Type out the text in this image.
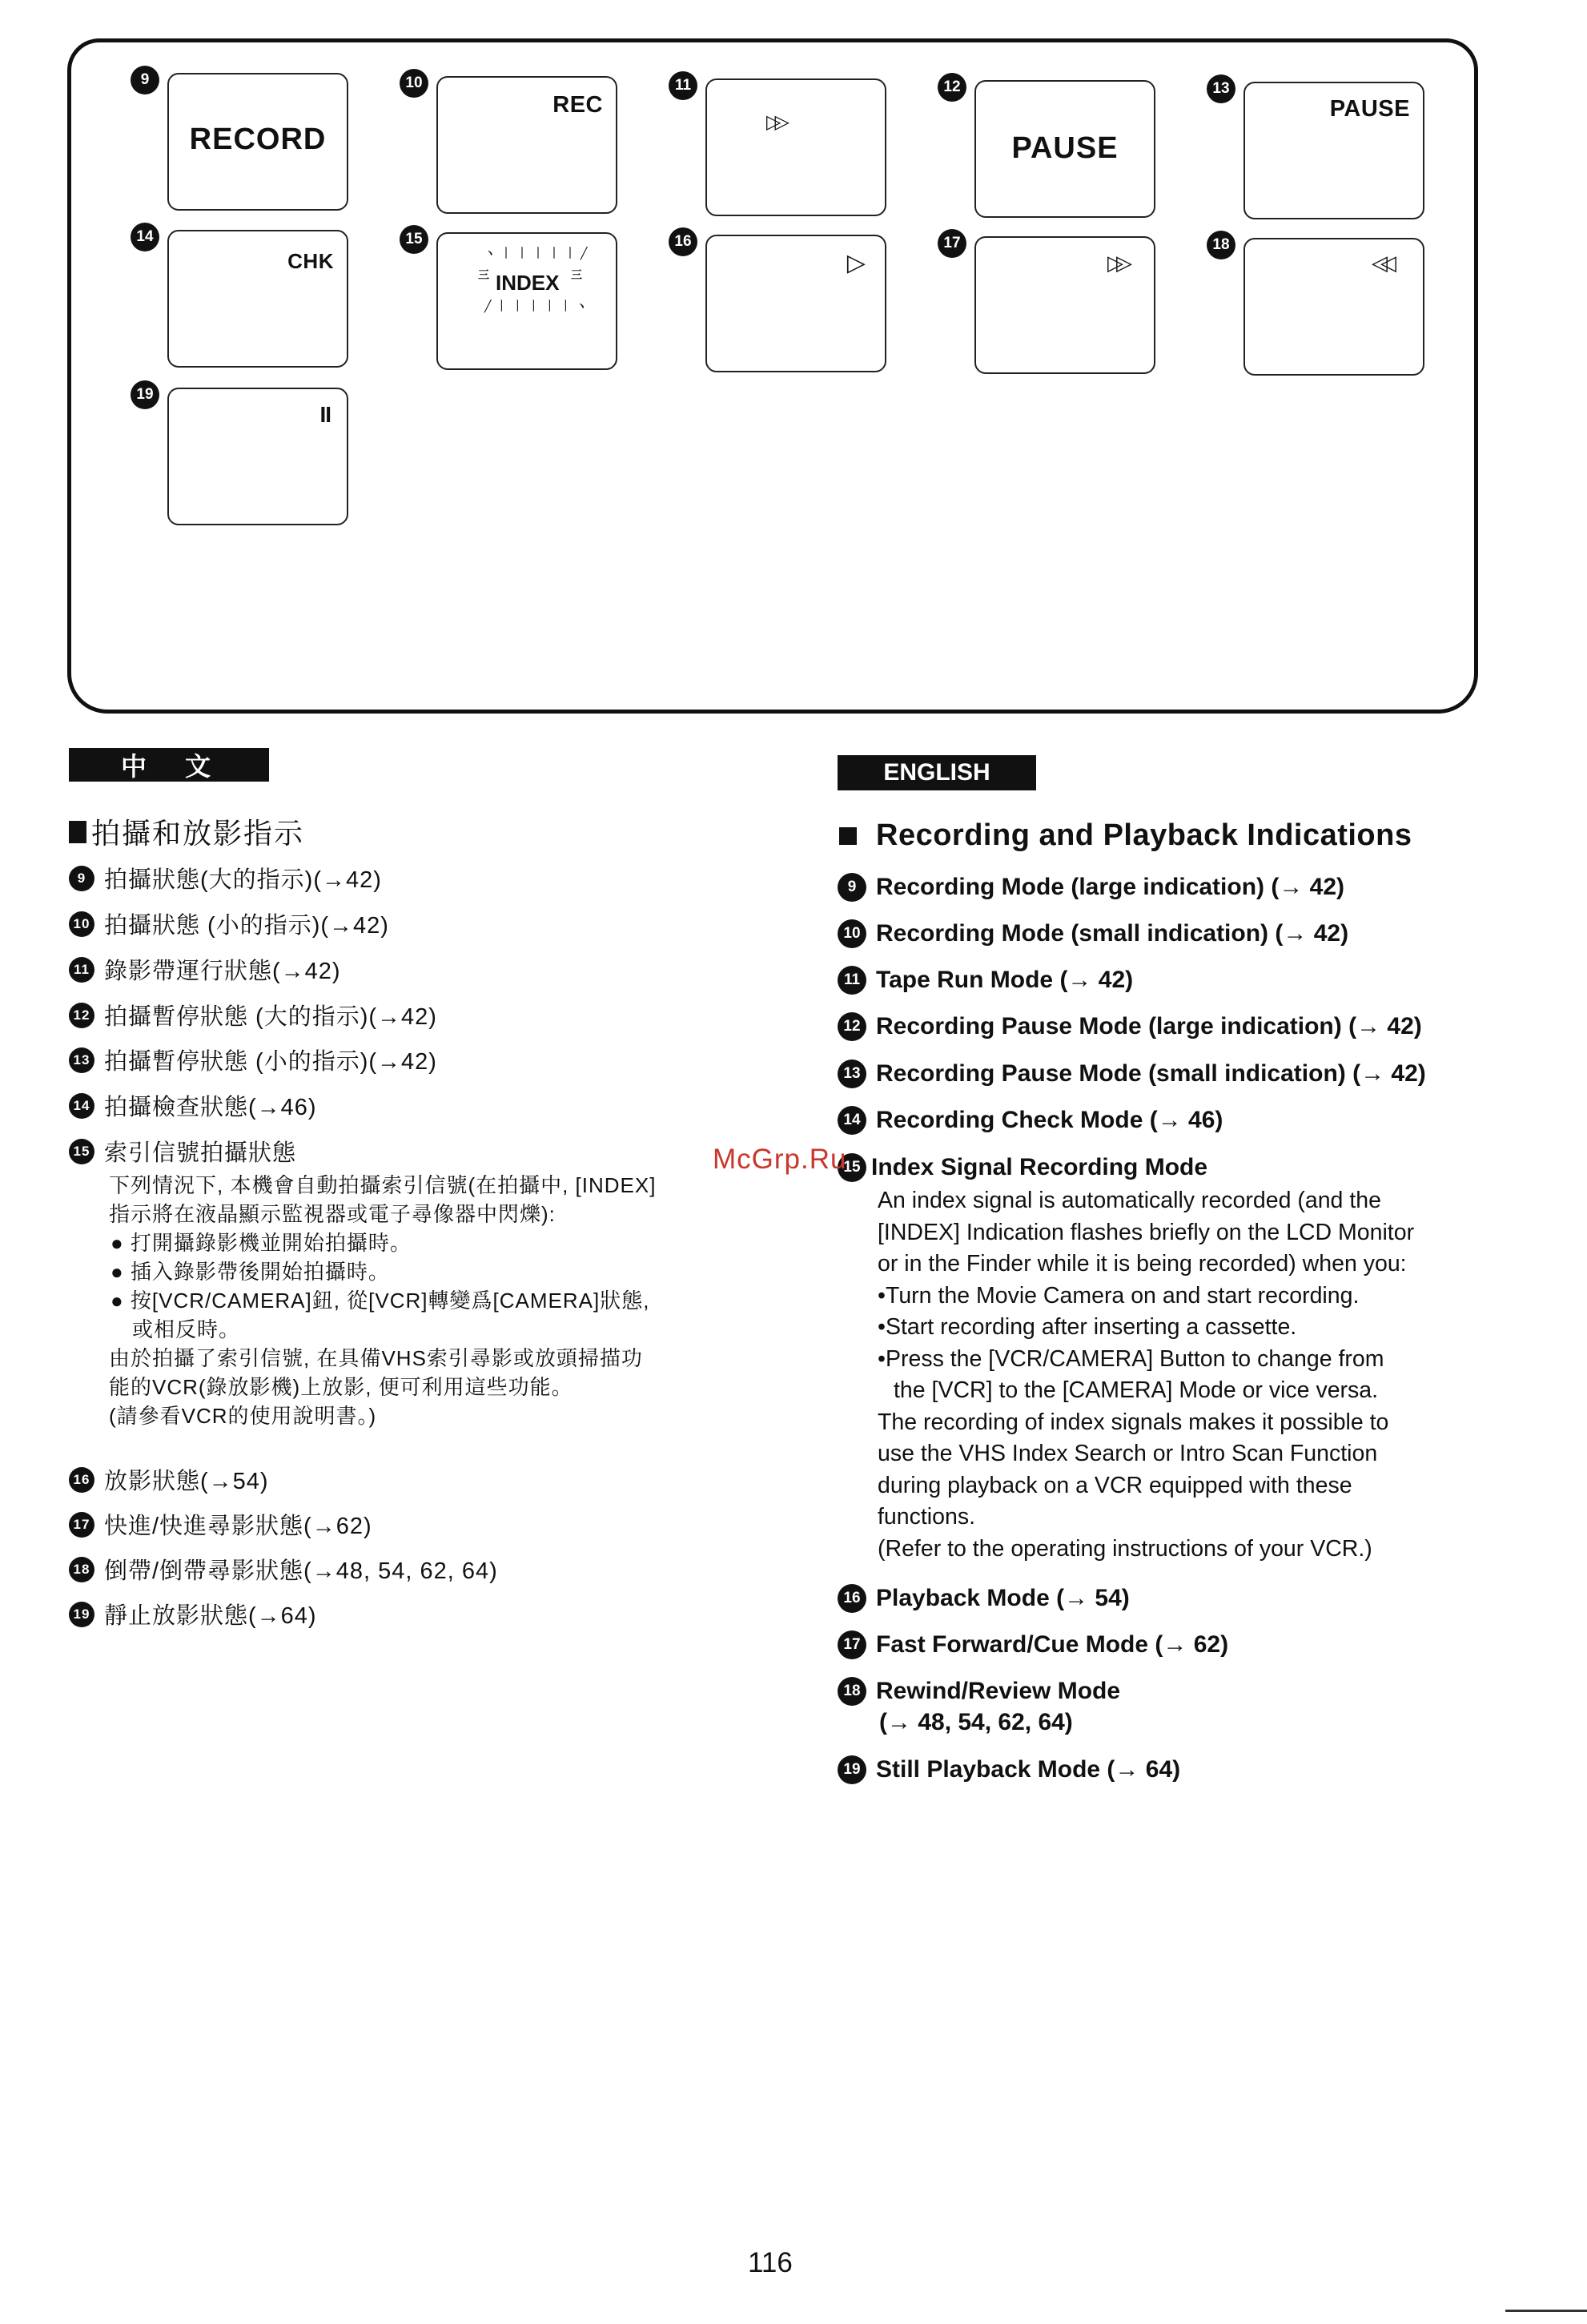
9
RECORD
10
REC
11
▷▷
12
PAUSE
13
PAUSE
14
CHK
15
ヽ｜｜｜｜｜╱
三 INDEX 三
╱｜｜｜｜｜ヽ
16
▷
17
▷▷
18
◁◁
19
II
中　文
拍攝和放影指示
9 拍攝狀態(大的指示)(→42)
10 拍攝狀態 (小的指示)(→42)
11 錄影帶運行狀態(→42)
12 拍攝暫停狀態 (大的指示)(→42)
13 拍攝暫停狀態 (小的指示)(→42)
14 拍攝檢查狀態(→46)
15 索引信號拍攝狀態
下列情況下, 本機會自動拍攝索引信號(在拍攝中, [INDEX]
指示將在液晶顯示監視器或電子尋像器中閃爍):
● 打開攝錄影機並開始拍攝時。
● 插入錄影帶後開始拍攝時。
● 按[VCR/CAMERA]鈕, 從[VCR]轉變爲[CAMERA]狀態,
　或相反時。
由於拍攝了索引信號, 在具備VHS索引尋影或放頭掃描功
能的VCR(錄放影機)上放影, 便可利用這些功能。
(請參看VCR的使用說明書。)
16 放影狀態(→54)
17 快進/快進尋影狀態(→62)
18 倒帶/倒帶尋影狀態(→48, 54, 62, 64)
19 靜止放影狀態(→64)
ENGLISH
Recording and Playback Indications
9 Recording Mode (large indication) (→ 42)
10 Recording Mode (small indication) (→ 42)
11 Tape Run Mode (→ 42)
12 Recording Pause Mode (large indication) (→ 42)
13 Recording Pause Mode (small indication) (→ 42)
14 Recording Check Mode (→ 46)
15 Index Signal Recording Mode
An index signal is automatically recorded (and the
[INDEX] Indication flashes briefly on the LCD Monitor
or in the Finder while it is being recorded) when you:
•Turn the Movie Camera on and start recording.
•Start recording after inserting a cassette.
•Press the [VCR/CAMERA] Button to change from
the [VCR] to the [CAMERA] Mode or vice versa.
The recording of index signals makes it possible to
use the VHS Index Search or Intro Scan Function
during playback on a VCR equipped with these
functions.
(Refer to the operating instructions of your VCR.)
16 Playback Mode (→ 54)
17 Fast Forward/Cue Mode (→ 62)
18 Rewind/Review Mode
(→ 48, 54, 62, 64)
19 Still Playback Mode (→ 64)
McGrp.Ru
116
